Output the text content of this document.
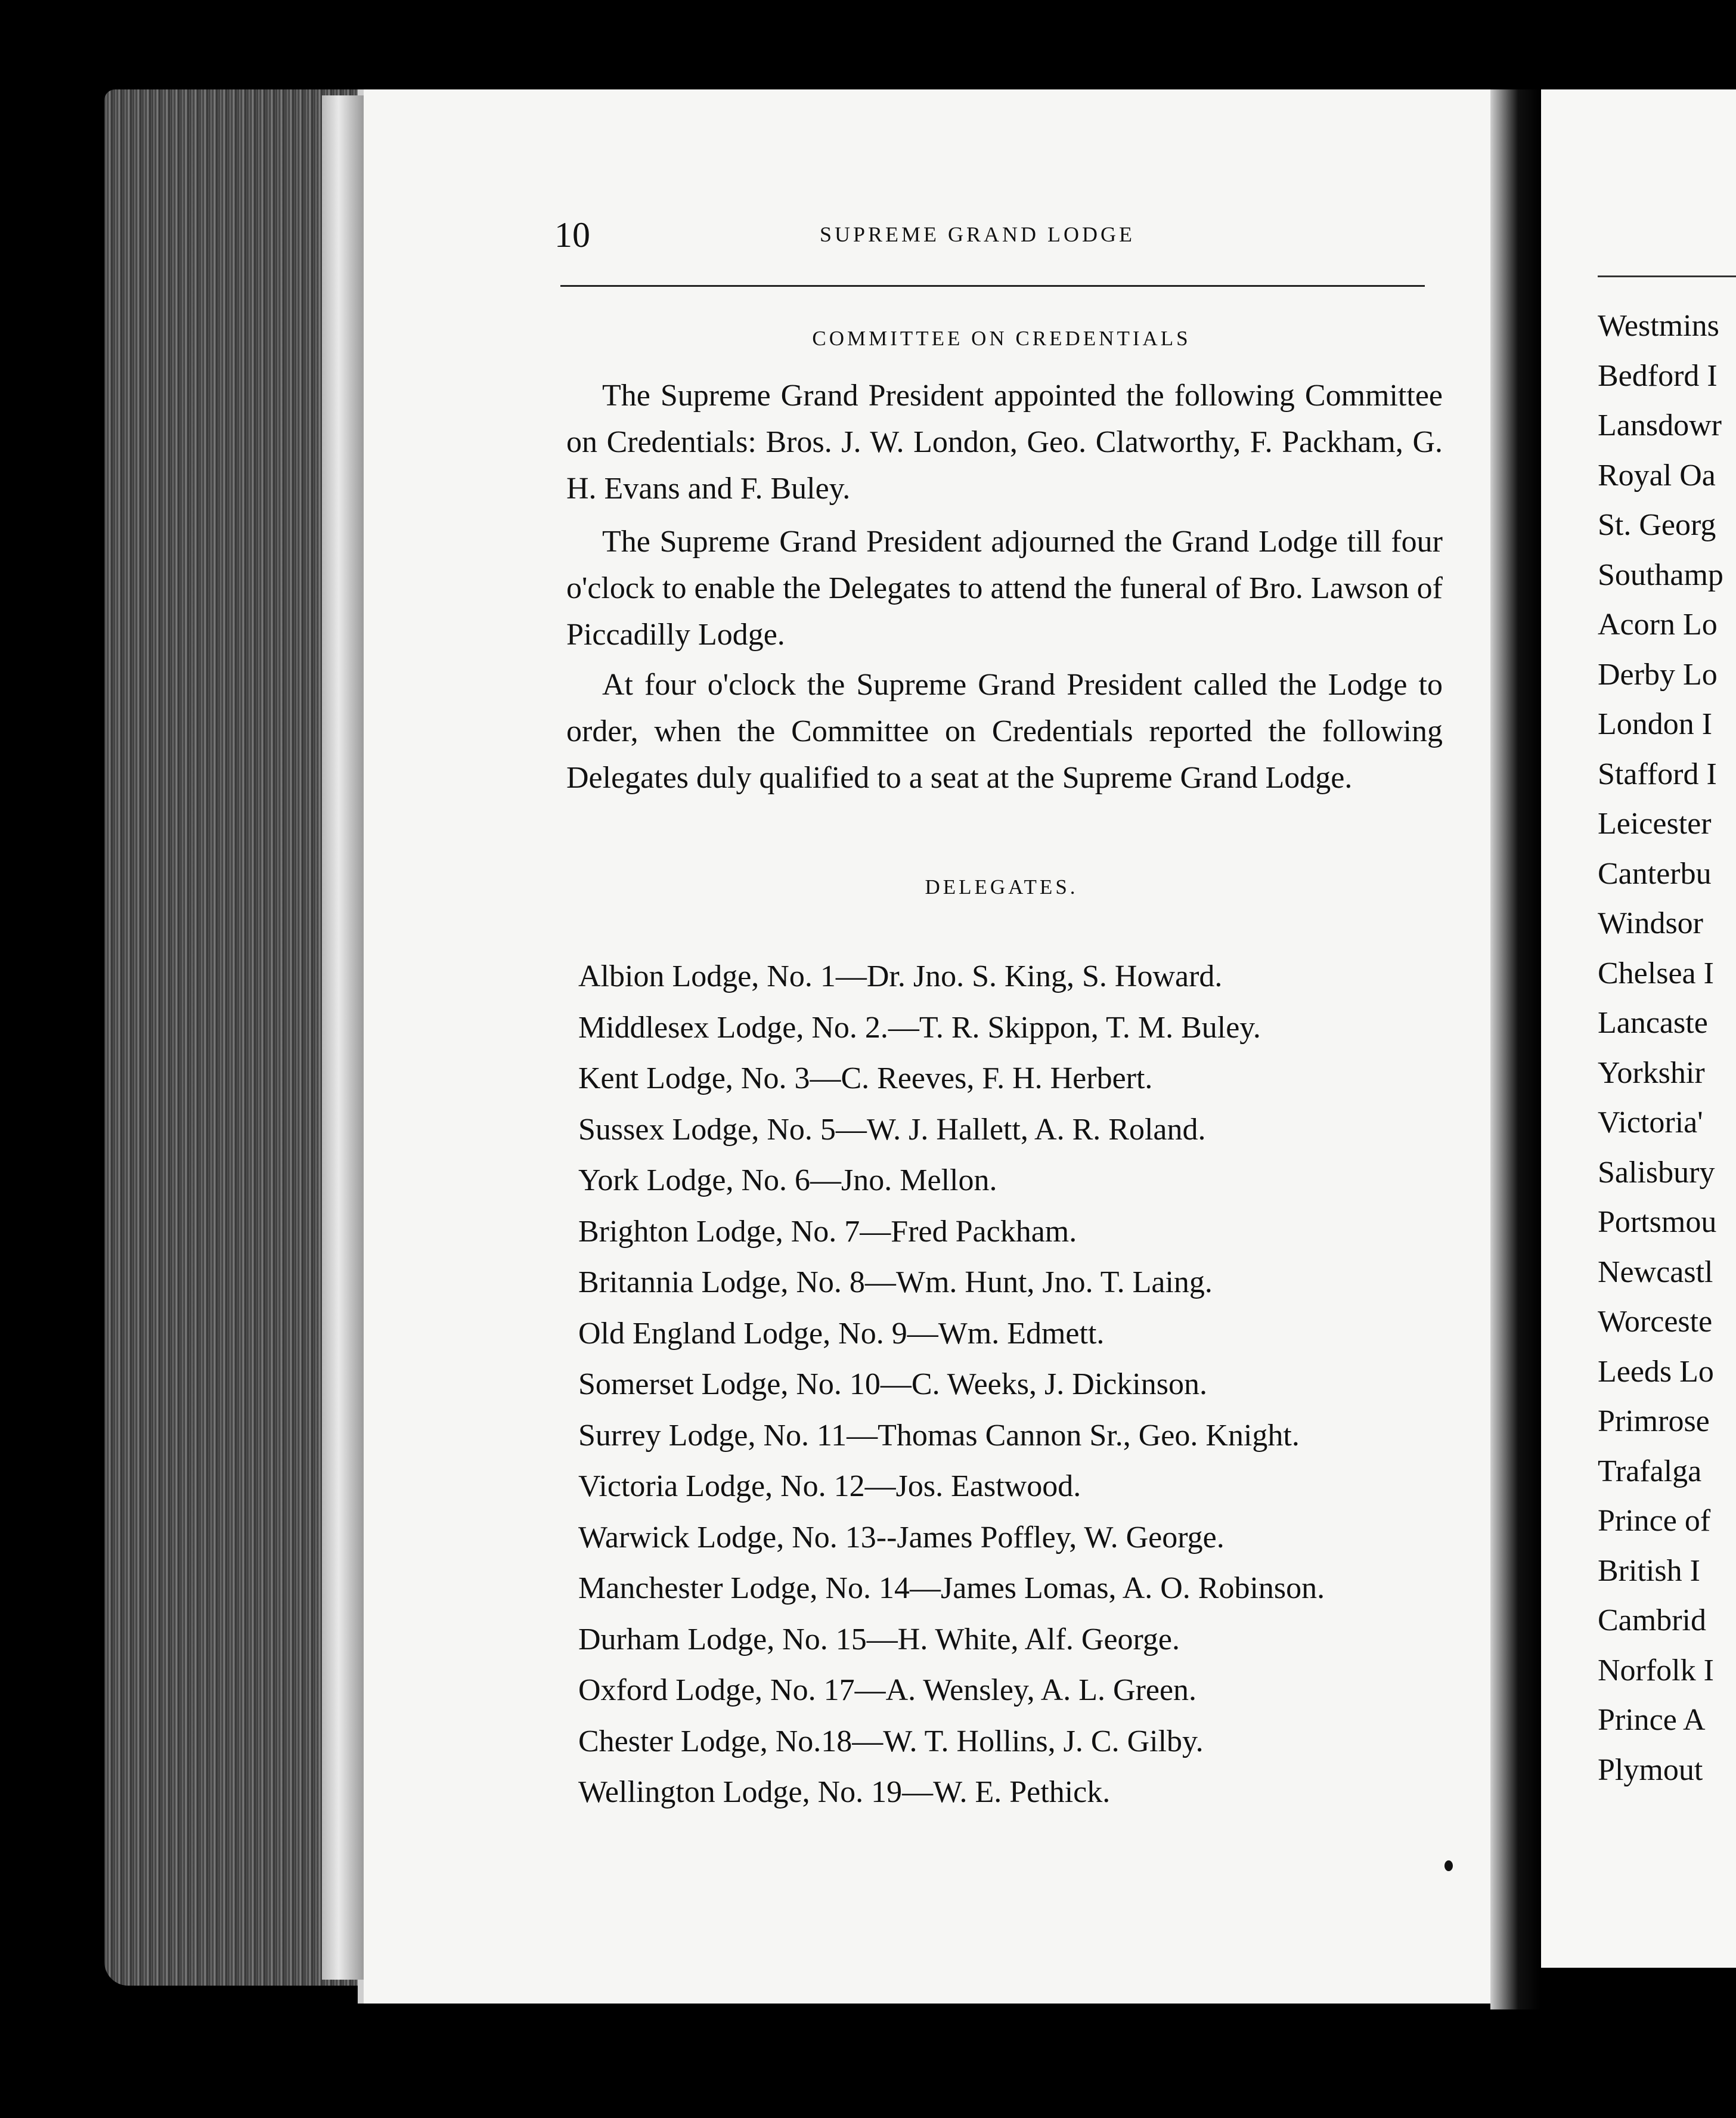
10	SUPREME GRAND LODGE
COMMITTEE ON CREDENTIALS

The Supreme Grand President appointed the following Committee on Credentials: Bros. J. W. London, Geo. Clatworthy, F. Packham, G. H. Evans and F. Buley.

The Supreme Grand President adjourned the Grand Lodge till four o'clock to enable the Delegates to attend the funeral of Bro. Lawson of Piccadilly Lodge.

At four o'clock the Supreme Grand President called the Lodge to order, when the Committee on Credentials reported the following Delegates duly qualified to a seat at the Supreme Grand Lodge.

DELEGATES.
Albion Lodge, No. 1—Dr. Jno. S. King, S. Howard.
Middlesex Lodge, No. 2.—T. R. Skippon, T. M. Buley.
Kent Lodge, No. 3—C. Reeves, F. H. Herbert.
Sussex Lodge, No. 5—W. J. Hallett, A. R. Roland.
York Lodge, No. 6—Jno. Mellon.
Brighton Lodge, No. 7—Fred Packham.
Britannia Lodge, No. 8—Wm. Hunt, Jno. T. Laing.
Old England Lodge, No. 9—Wm. Edmett.
Somerset Lodge, No. 10—C. Weeks, J. Dickinson.
Surrey Lodge, No. 11—Thomas Cannon Sr., Geo. Knight.
Victoria Lodge, No. 12—Jos. Eastwood.
Warwick Lodge, No. 13--James Poffley, W. George.
Manchester Lodge, No. 14—James Lomas, A. O. Robinson.
Durham Lodge, No. 15—H. White, Alf. George.
Oxford Lodge, No. 17—A. Wensley, A. L. Green.
Chester Lodge, No.18—W. T. Hollins, J. C. Gilby.
Wellington Lodge, No. 19—W. E. Pethick.
Westmins
Bedford I
Lansdowr
Royal Oa
St. Georg
Southamp
Acorn Lo
Derby Lo
London I
Stafford I
Leicester
Canterbu
Windsor
Chelsea I
Lancaste
Yorkshir
Victoria'
Salisbury
Portsmou
Newcastl
Worceste
Leeds Lo
Primrose
Trafalga
Prince of
British I
Cambrid
Norfolk I
Prince A
Plymout
